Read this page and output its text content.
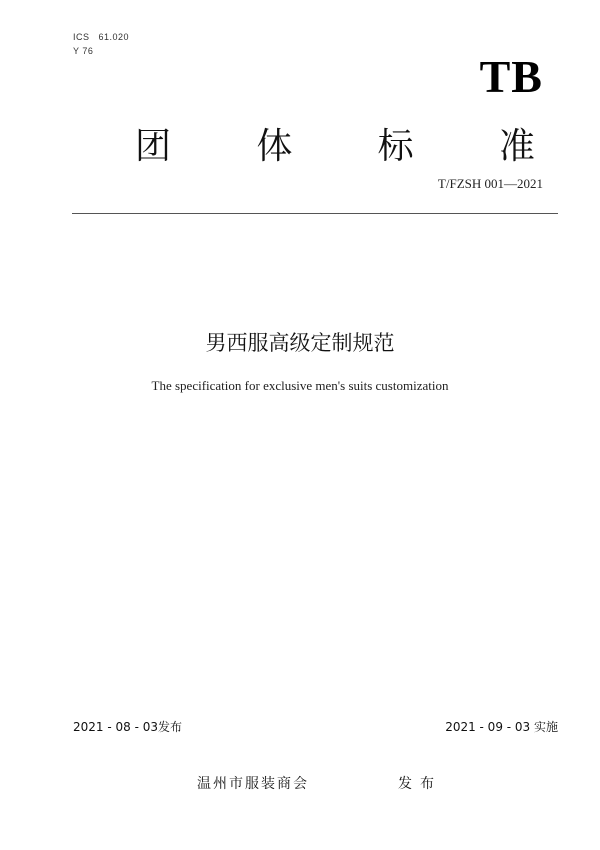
ICS   61.020
Y 76	TB
团 体 标 准
T/FZSH 001—2021
男西服高级定制规范
The specification for exclusive men's suits customization
2021 - 08 - 03发布	2021 - 09 - 03 实施
温州市服装商会	发布
